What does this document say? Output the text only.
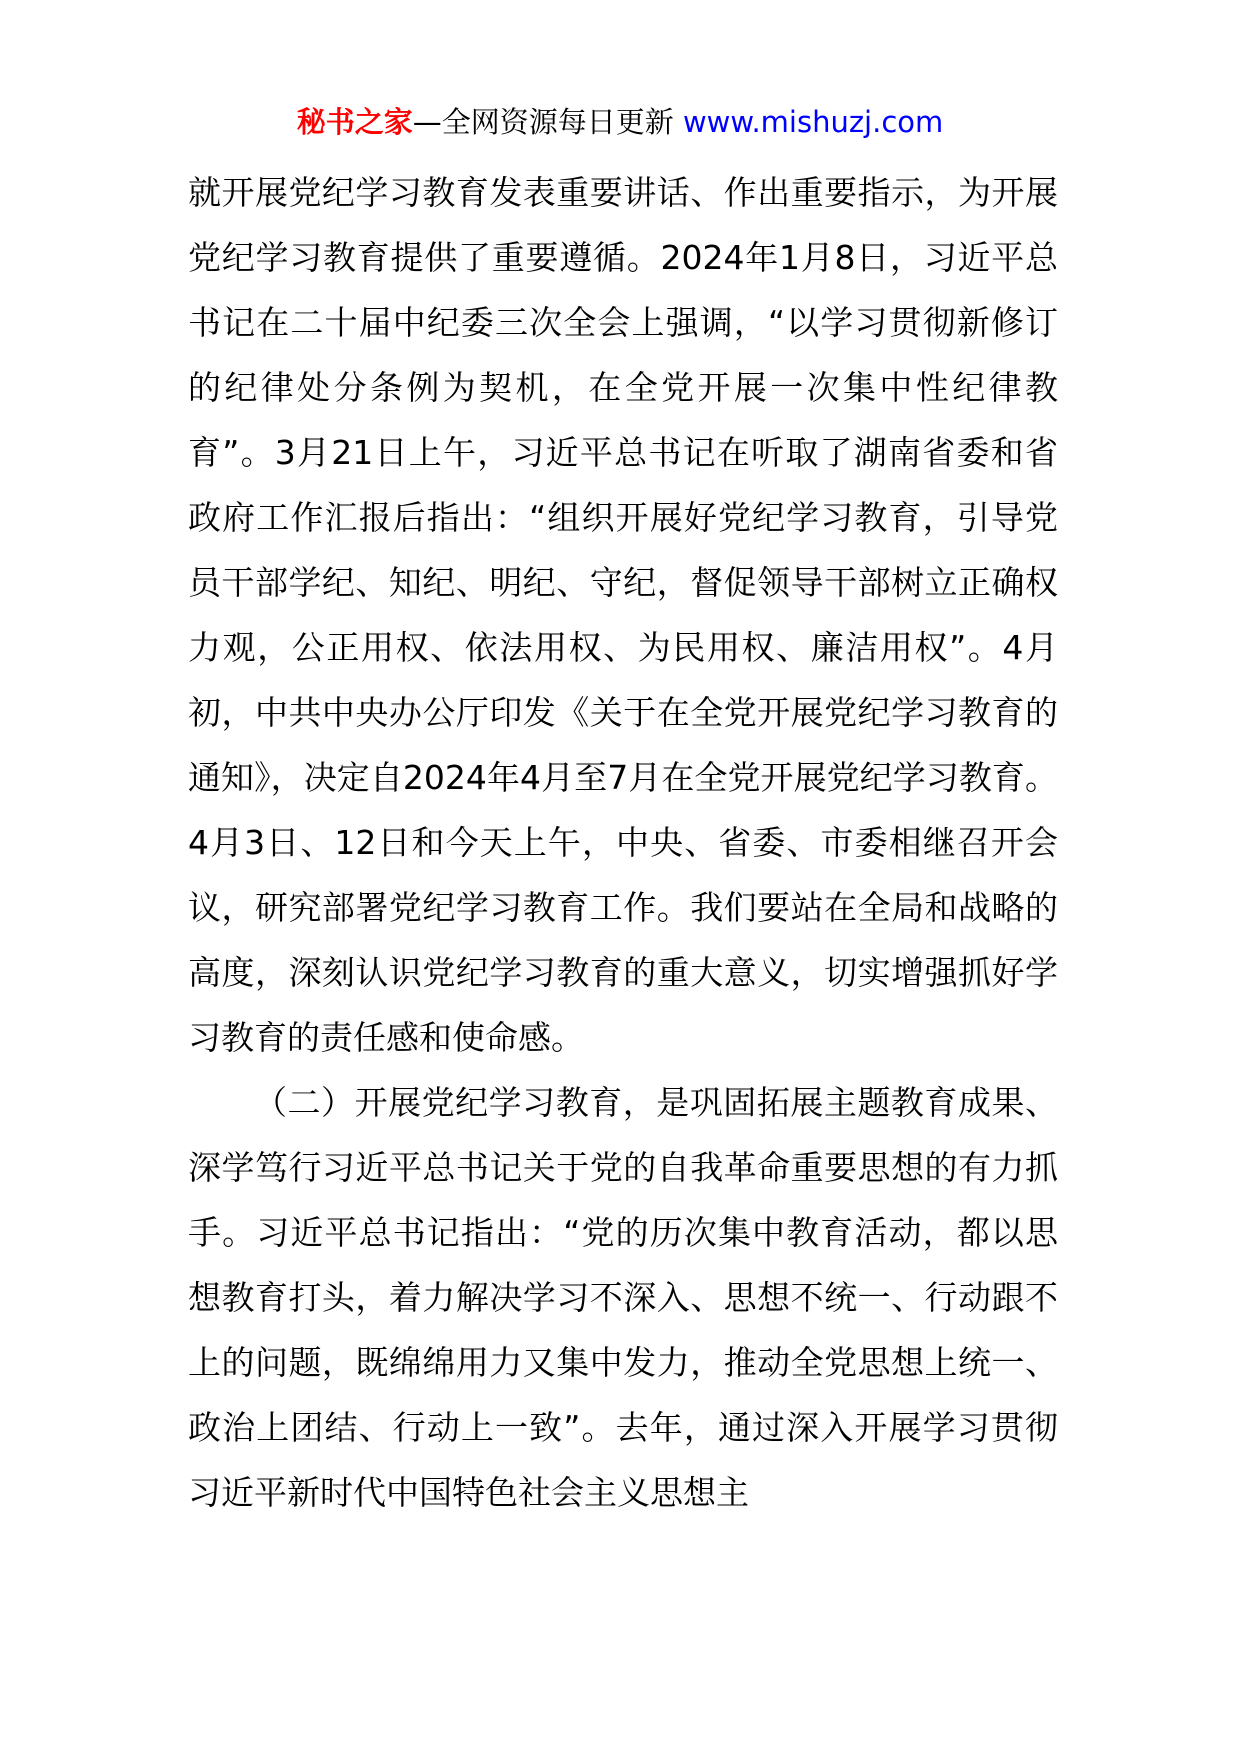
秘书之家—全网资源每日更新 www.mishuzj.com

就开展党纪学习教育发表重要讲话、作出重要指示，为开展党纪学习教育提供了重要遵循。2024年1月8日，习近平总书记在二十届中纪委三次全会上强调，“以学习贯彻新修订的纪律处分条例为契机，在全党开展一次集中性纪律教育”。3月21日上午，习近平总书记在听取了湖南省委和省政府工作汇报后指出：“组织开展好党纪学习教育，引导党员干部学纪、知纪、明纪、守纪，督促领导干部树立正确权力观，公正用权、依法用权、为民用权、廉洁用权”。4月初，中共中央办公厅印发《关于在全党开展党纪学习教育的通知》，决定自2024年4月至7月在全党开展党纪学习教育。4月3日、12日和今天上午，中央、省委、市委相继召开会议，研究部署党纪学习教育工作。我们要站在全局和战略的高度，深刻认识党纪学习教育的重大意义，切实增强抓好学习教育的责任感和使命感。

（二）开展党纪学习教育，是巩固拓展主题教育成果、深学笃行习近平总书记关于党的自我革命重要思想的有力抓手。习近平总书记指出：“党的历次集中教育活动，都以思想教育打头，着力解决学习不深入、思想不统一、行动跟不上的问题，既绵绵用力又集中发力，推动全党思想上统一、政治上团结、行动上一致”。去年，通过深入开展学习贯彻习近平新时代中国特色社会主义思想主
